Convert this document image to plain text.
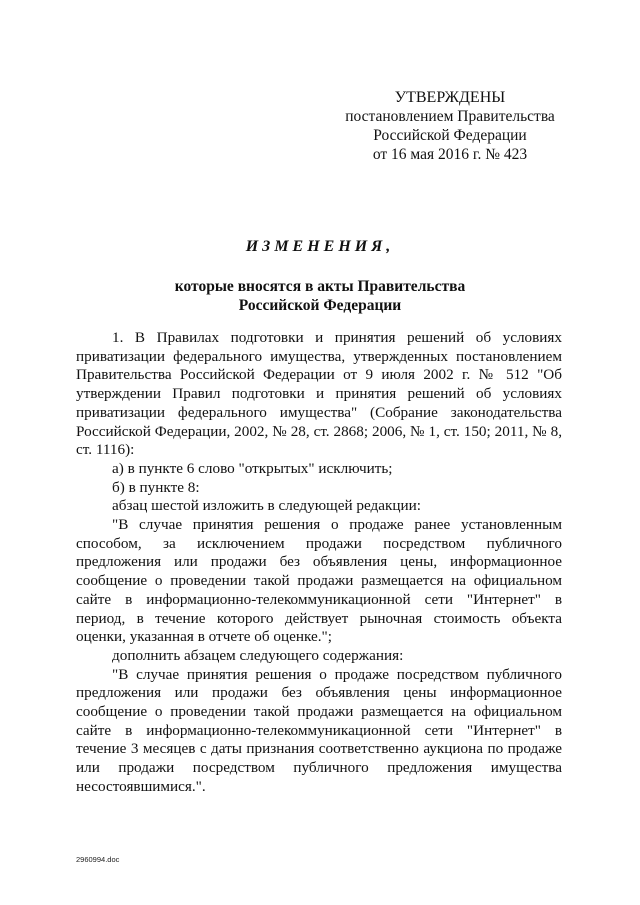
УТВЕРЖДЕНЫ
постановлением Правительства
Российской Федерации
от 16 мая 2016 г. № 423
ИЗМЕНЕНИЯ,
которые вносятся в акты Правительства
Российской Федерации

1. В Правилах подготовки и принятия решений об условиях приватизации федерального имущества, утвержденных постановлением Правительства Российской Федерации от 9 июля 2002 г. № 512 "Об утверждении Правил подготовки и принятия решений об условиях приватизации федерального имущества" (Собрание законодательства Российской Федерации, 2002, № 28, ст. 2868; 2006, № 1, ст. 150; 2011, № 8, ст. 1116):

а) в пункте 6 слово "открытых" исключить;

б) в пункте 8:

абзац шестой изложить в следующей редакции:

"В случае принятия решения о продаже ранее установленным способом, за исключением продажи посредством публичного предложения или продажи без объявления цены, информационное сообщение о проведении такой продажи размещается на официальном сайте в информационно-телекоммуникационной сети "Интернет" в период, в течение которого действует рыночная стоимость объекта оценки, указанная в отчете об оценке.";

дополнить абзацем следующего содержания:

"В случае принятия решения о продаже посредством публичного предложения или продажи без объявления цены информационное сообщение о проведении такой продажи размещается на официальном сайте в информационно-телекоммуникационной сети "Интернет" в течение 3 месяцев с даты признания соответственно аукциона по продаже или продажи посредством публичного предложения имущества несостоявшимися.".

2960994.doc
